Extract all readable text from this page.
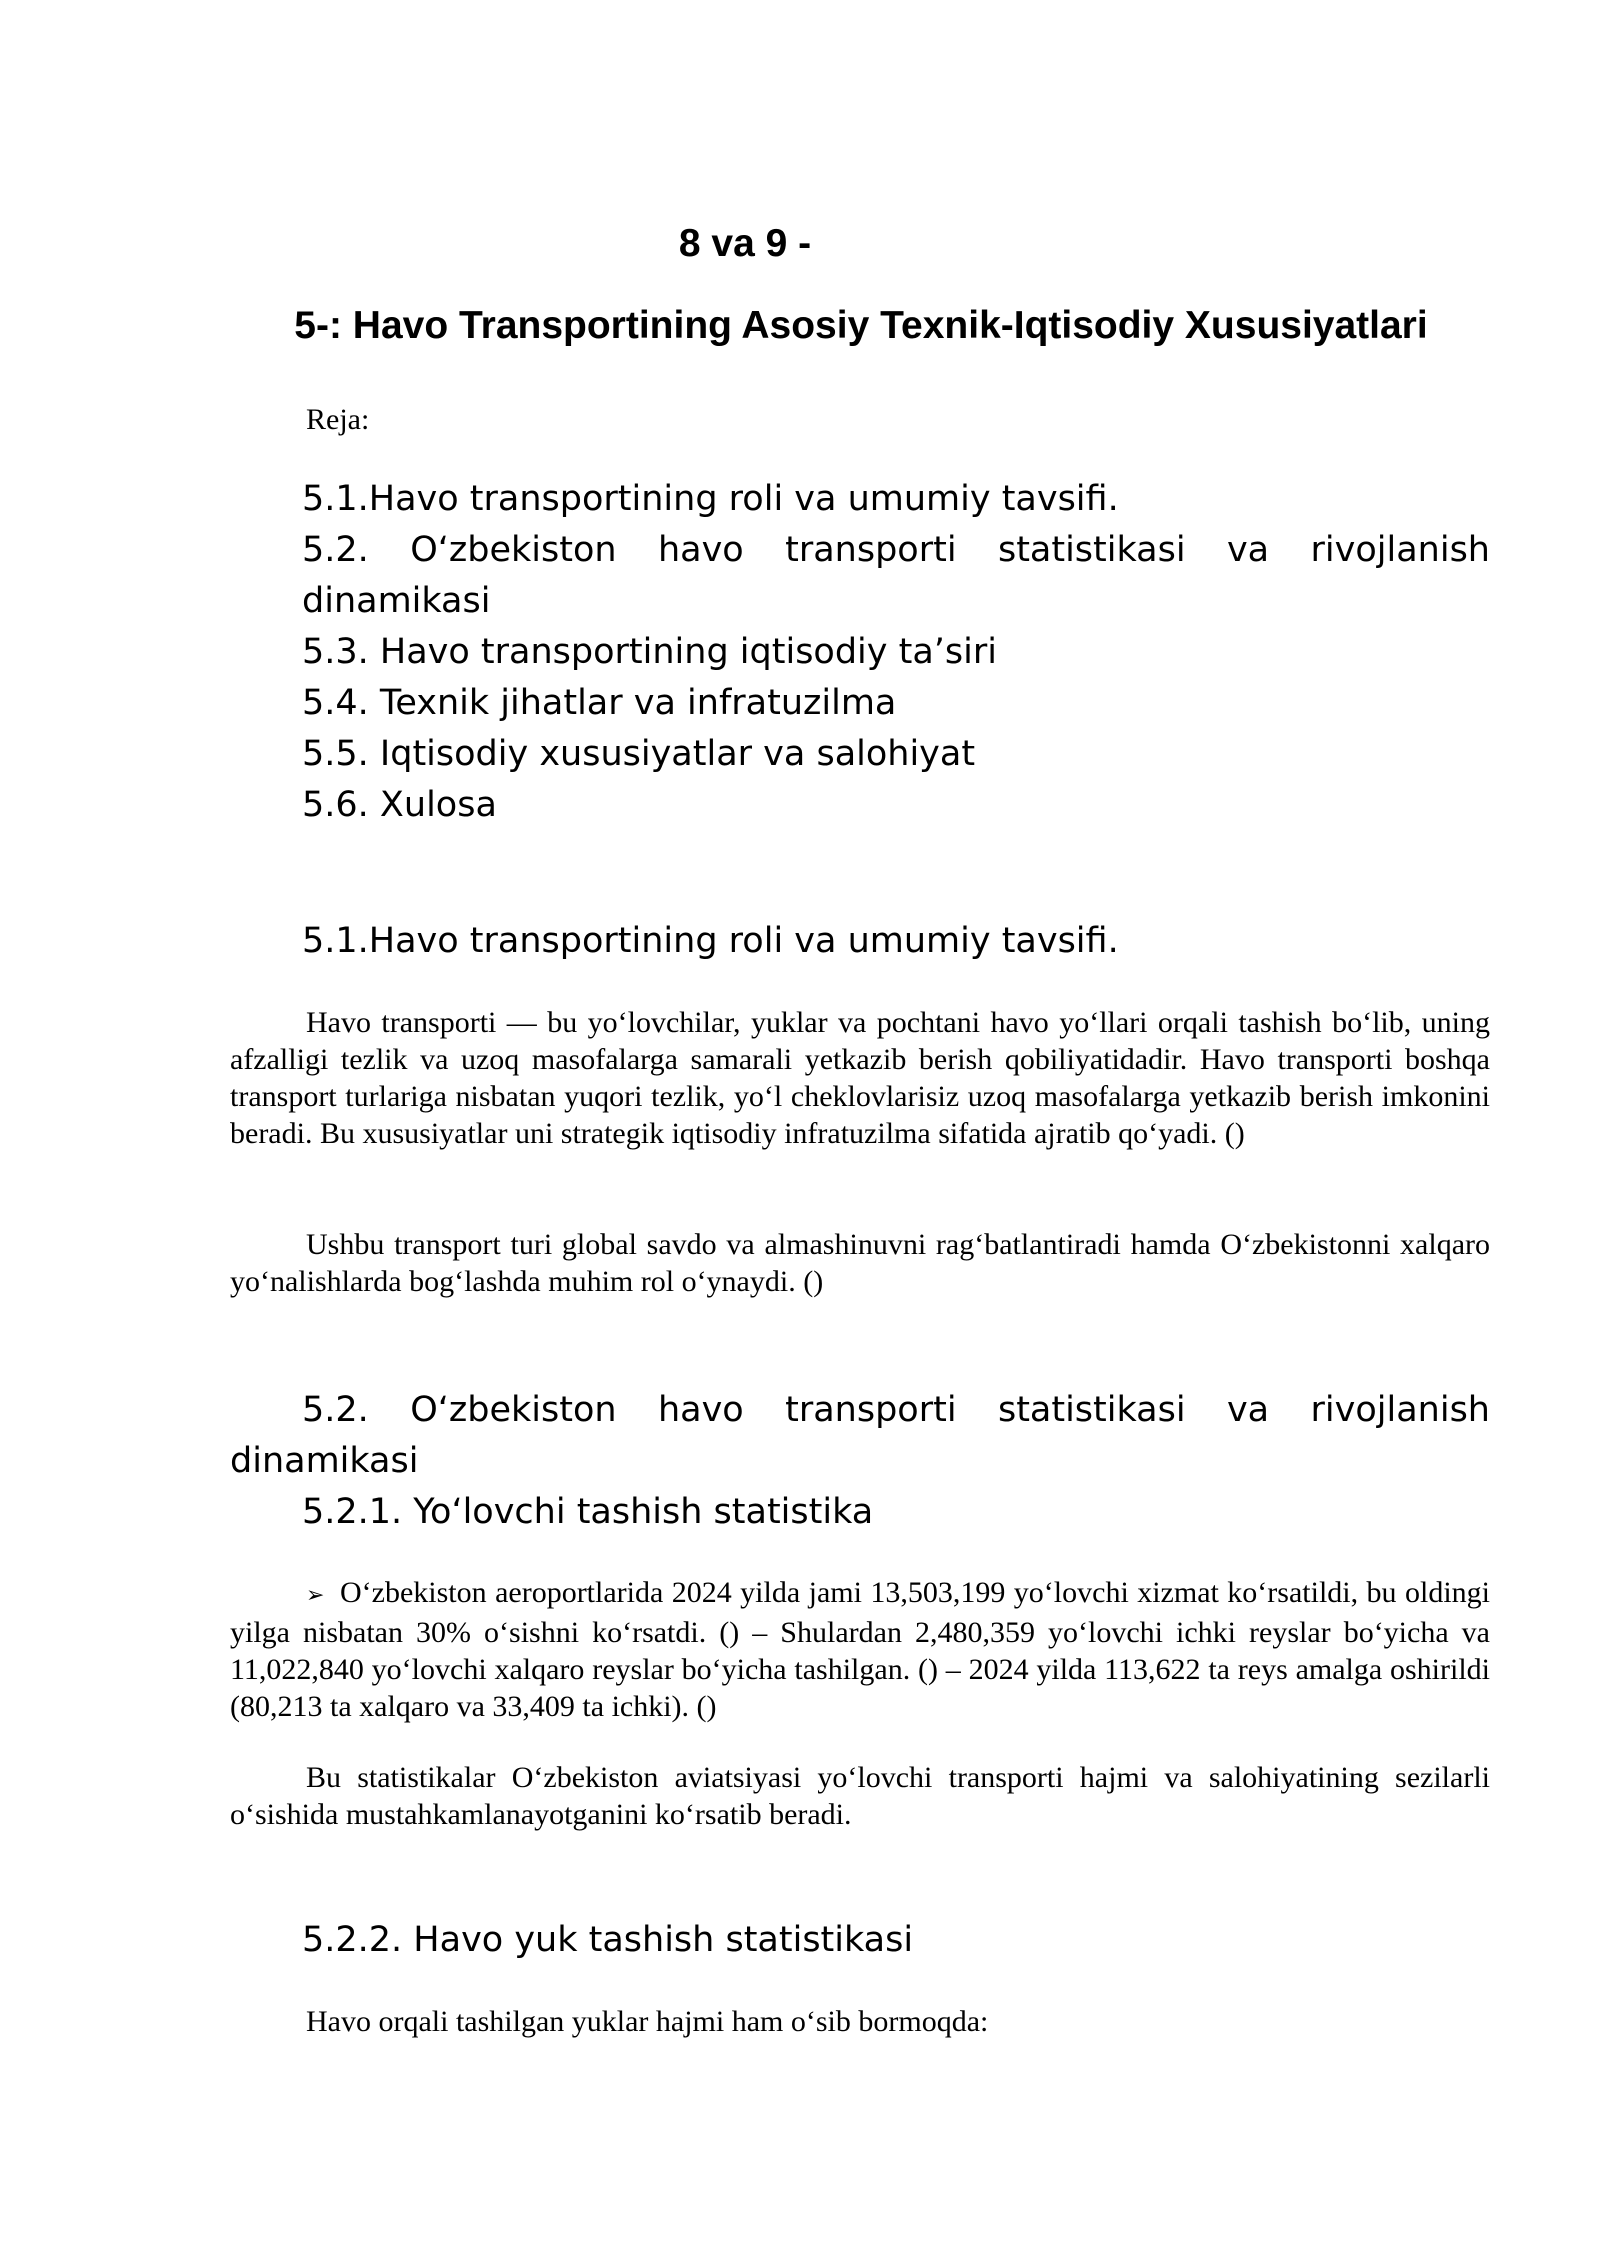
8 va 9 -
5-: Havo Transportining Asosiy Texnik-Iqtisodiy Xususiyatlari
Reja:
5.1.Havo transportining roli va umumiy tavsifi.
5.2. O‘zbekiston havo transporti statistikasi va rivojlanish dinamikasi
5.3. Havo transportining iqtisodiy ta’siri
5.4. Texnik jihatlar va infratuzilma
5.5. Iqtisodiy xususiyatlar va salohiyat
5.6. Xulosa
5.1.Havo transportining roli va umumiy tavsifi.
Havo transporti — bu yo‘lovchilar, yuklar va pochtani havo yo‘llari orqali tashish bo‘lib, uning afzalligi tezlik va uzoq masofalarga samarali yetkazib berish qobiliyatidadir. Havo transporti boshqa transport turlariga nisbatan yuqori tezlik, yo‘l cheklovlarisiz uzoq masofalarga yetkazib berish imkonini beradi. Bu xususiyatlar uni strategik iqtisodiy infratuzilma sifatida ajratib qo‘yadi. ()
Ushbu transport turi global savdo va almashinuvni rag‘batlantiradi hamda O‘zbekistonni xalqaro yo‘nalishlarda bog‘lashda muhim rol o‘ynaydi. ()
5.2. O‘zbekiston havo transporti statistikasi va rivojlanish
dinamikasi
5.2.1. Yo‘lovchi tashish statistika
➢ O‘zbekiston aeroportlarida 2024 yilda jami 13,503,199 yo‘lovchi xizmat ko‘rsatildi, bu oldingi yilga nisbatan 30% o‘sishni ko‘rsatdi. () – Shulardan 2,480,359 yo‘lovchi ichki reyslar bo‘yicha va 11,022,840 yo‘lovchi xalqaro reyslar bo‘yicha tashilgan. () – 2024 yilda 113,622 ta reys amalga oshirildi (80,213 ta xalqaro va 33,409 ta ichki). ()
Bu statistikalar O‘zbekiston aviatsiyasi yo‘lovchi transporti hajmi va salohiyatining sezilarli o‘sishida mustahkamlanayotganini ko‘rsatib beradi.
5.2.2. Havo yuk tashish statistikasi
Havo orqali tashilgan yuklar hajmi ham o‘sib bormoqda:
